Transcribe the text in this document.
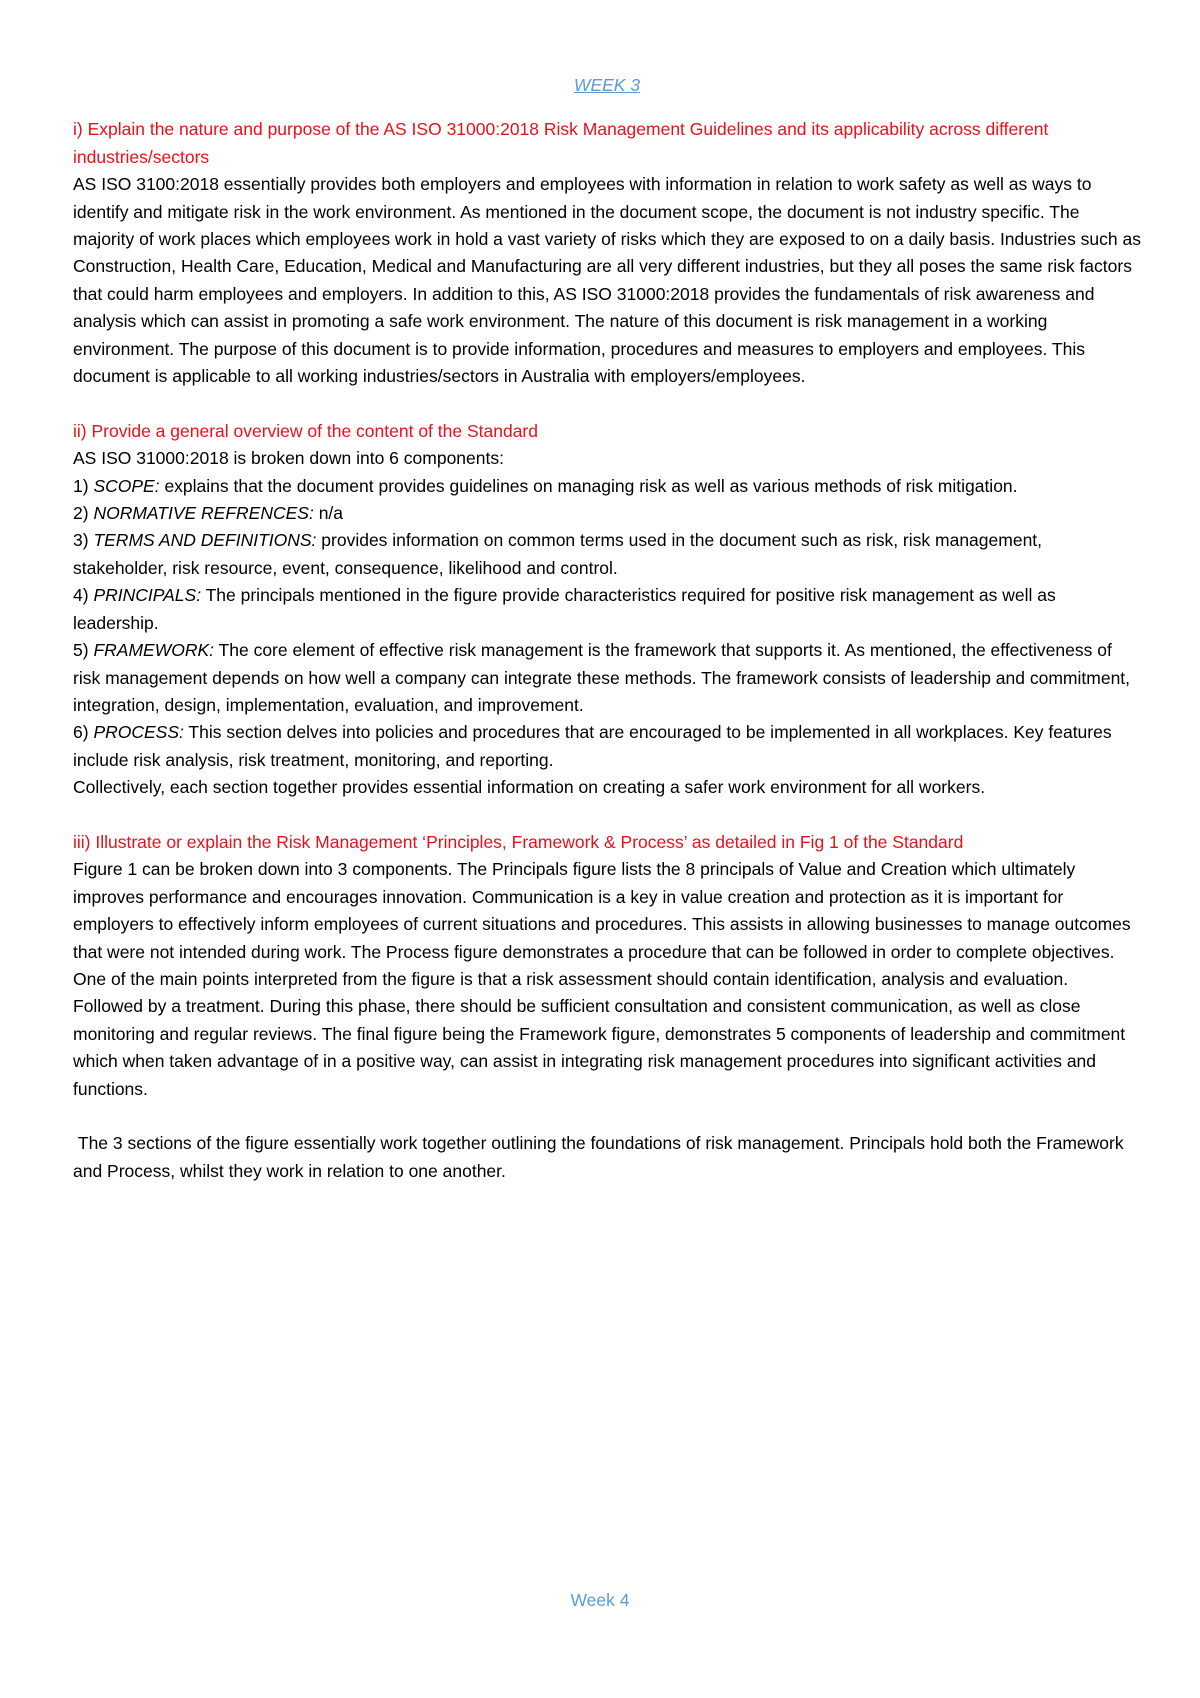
WEEK 3

i) Explain the nature and purpose of the AS ISO 31000:2018 Risk Management Guidelines and its applicability across different industries/sectors

AS ISO 3100:2018 essentially provides both employers and employees with information in relation to work safety as well as ways to identify and mitigate risk in the work environment. As mentioned in the document scope, the document is not industry specific. The majority of work places which employees work in hold a vast variety of risks which they are exposed to on a daily basis. Industries such as Construction, Health Care, Education, Medical and Manufacturing are all very different industries, but they all poses the same risk factors that could harm employees and employers. In addition to this, AS ISO 31000:2018 provides the fundamentals of risk awareness and analysis which can assist in promoting a safe work environment. The nature of this document is risk management in a working environment. The purpose of this document is to provide information, procedures and measures to employers and employees. This document is applicable to all working industries/sectors in Australia with employers/employees.

ii) Provide a general overview of the content of the Standard

AS ISO 31000:2018 is broken down into 6 components:

1) SCOPE: explains that the document provides guidelines on managing risk as well as various methods of risk mitigation.

2) NORMATIVE REFRENCES: n/a

3) TERMS AND DEFINITIONS: provides information on common terms used in the document such as risk, risk management, stakeholder, risk resource, event, consequence, likelihood and control.

4) PRINCIPALS: The principals mentioned in the figure provide characteristics required for positive risk management as well as leadership.

5) FRAMEWORK: The core element of effective risk management is the framework that supports it. As mentioned, the effectiveness of risk management depends on how well a company can integrate these methods. The framework consists of leadership and commitment, integration, design, implementation, evaluation, and improvement.

6) PROCESS: This section delves into policies and procedures that are encouraged to be implemented in all workplaces. Key features include risk analysis, risk treatment, monitoring, and reporting.

Collectively, each section together provides essential information on creating a safer work environment for all workers.

iii) Illustrate or explain the Risk Management ‘Principles, Framework & Process’ as detailed in Fig 1 of the Standard

Figure 1 can be broken down into 3 components. The Principals figure lists the 8 principals of Value and Creation which ultimately improves performance and encourages innovation. Communication is a key in value creation and protection as it is important for employers to effectively inform employees of current situations and procedures. This assists in allowing businesses to manage outcomes that were not intended during work. The Process figure demonstrates a procedure that can be followed in order to complete objectives. One of the main points interpreted from the figure is that a risk assessment should contain identification, analysis and evaluation. Followed by a treatment. During this phase, there should be sufficient consultation and consistent communication, as well as close monitoring and regular reviews. The final figure being the Framework figure, demonstrates 5 components of leadership and commitment which when taken advantage of in a positive way, can assist in integrating risk management procedures into significant activities and functions.

The 3 sections of the figure essentially work together outlining the foundations of risk management. Principals hold both the Framework and Process, whilst they work in relation to one another.

Week 4
